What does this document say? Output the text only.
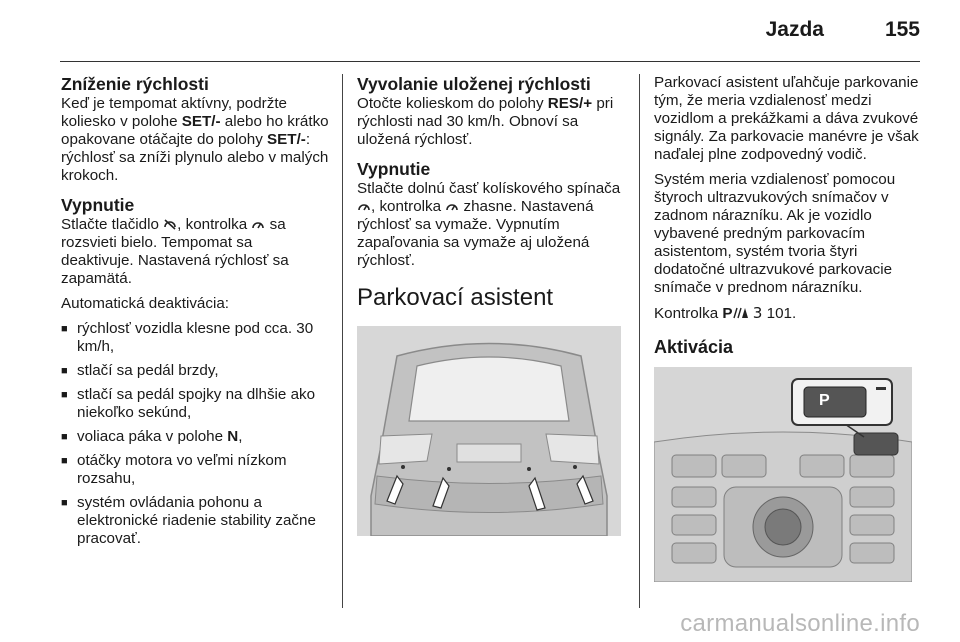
Jazda	155
Zníženie rýchlosti

Keď je tempomat aktívny, podržte koliesko v polohe SET/- alebo ho krátko opakovane otáčajte do polohy SET/-: rýchlosť sa zníži plynulo alebo v malých krokoch.

Vypnutie

Stlačte tlačidlo , kontrolka  sa rozsvieti bielo. Tempomat sa deaktivuje. Nastavená rýchlosť sa zapamätá.

Automatická deaktivácia:

■ rýchlosť vozidla klesne pod cca. 30 km/h,
■ stlačí sa pedál brzdy,
■ stlačí sa pedál spojky na dlhšie ako niekoľko sekúnd,
■ voliaca páka v polohe N,
■ otáčky motora vo veľmi nízkom rozsahu,
■ systém ovládania pohonu a elektronické riadenie stability začne pracovať.
Vyvolanie uloženej rýchlosti

Otočte kolieskom do polohy RES/+ pri rýchlosti nad 30 km/h. Obnoví sa uložená rýchlosť.

Vypnutie

Stlačte dolnú časť kolískového spínača , kontrolka  zhasne. Nastavená rýchlosť sa vymaže. Vypnutím zapaľovania sa vymaže aj uložená rýchlosť.

Parkovací asistent

Parkovací asistent uľahčuje parkovanie tým, že meria vzdialenosť medzi vozidlom a prekážkami a dáva zvukové signály. Za parkovacie manévre je však naďalej plne zodpovedný vodič.

Systém meria vzdialenosť pomocou štyroch ultrazvukových snímačov v zadnom nárazníku. Ak je vozidlo vybavené predným parkovacím asistentom, systém tvoria štyri dodatočné ultrazvukové parkovacie snímače v prednom nárazníku.

Kontrolka P 3 101.

Aktivácia
P
carmanualsonline.info
